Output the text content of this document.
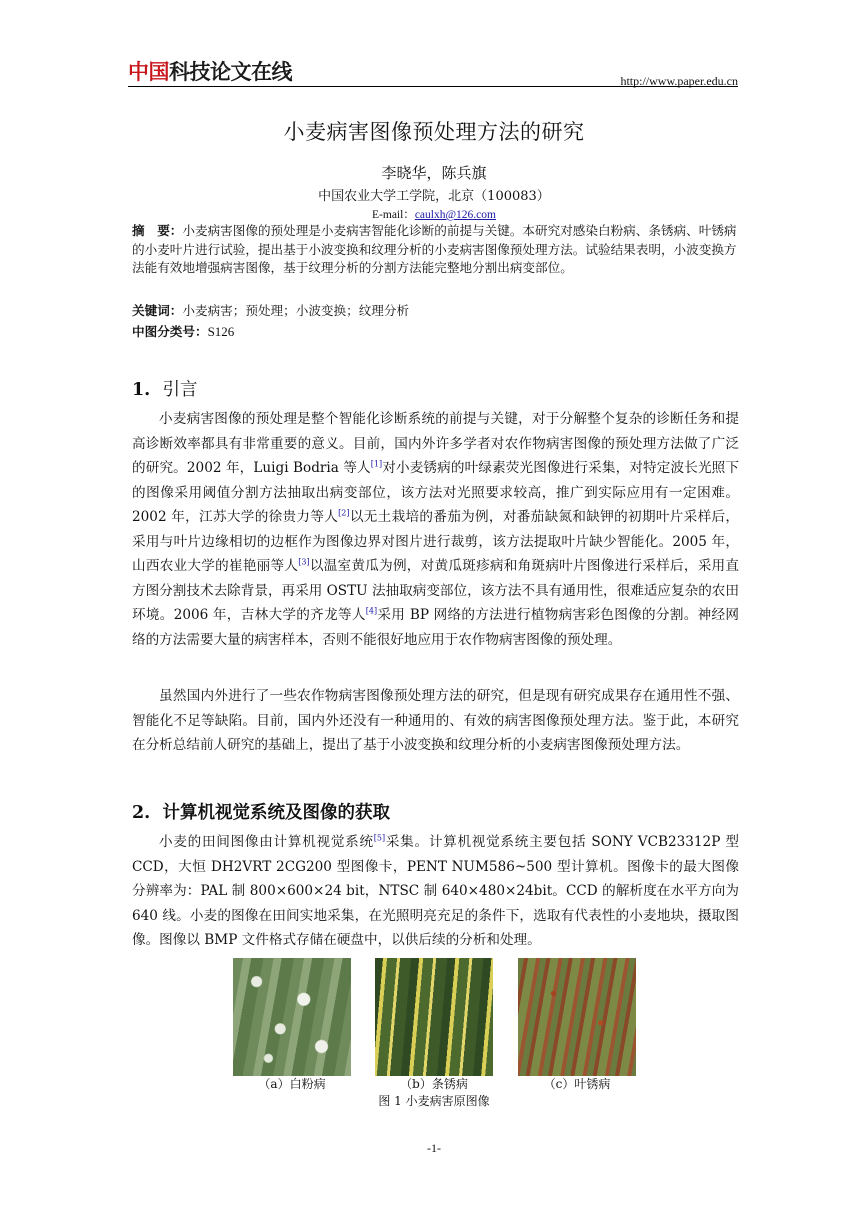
中国科技论文在线	http://www.paper.edu.cn
小麦病害图像预处理方法的研究
李晓华，陈兵旗
中国农业大学工学院，北京（100083）
E-mail：caulxh@126.com
摘　要：小麦病害图像的预处理是小麦病害智能化诊断的前提与关键。本研究对感染白粉病、条锈病、叶锈病的小麦叶片进行试验，提出基于小波变换和纹理分析的小麦病害图像预处理方法。试验结果表明，小波变换方法能有效地增强病害图像，基于纹理分析的分割方法能完整地分割出病变部位。
关键词：小麦病害；预处理；小波变换；纹理分析
中图分类号：S126
1. 引言
小麦病害图像的预处理是整个智能化诊断系统的前提与关键，对于分解整个复杂的诊断任务和提高诊断效率都具有非常重要的意义。目前，国内外许多学者对农作物病害图像的预处理方法做了广泛的研究。2002 年，Luigi Bodria 等人[1]对小麦锈病的叶绿素荧光图像进行采集，对特定波长光照下的图像采用阈值分割方法抽取出病变部位，该方法对光照要求较高，推广到实际应用有一定困难。2002 年，江苏大学的徐贵力等人[2]以无土栽培的番茄为例，对番茄缺氮和缺钾的初期叶片采样后，采用与叶片边缘相切的边框作为图像边界对图片进行裁剪，该方法提取叶片缺少智能化。2005 年，山西农业大学的崔艳丽等人[3]以温室黄瓜为例，对黄瓜斑疹病和角斑病叶片图像进行采样后，采用直方图分割技术去除背景，再采用 OSTU 法抽取病变部位，该方法不具有通用性，很难适应复杂的农田环境。2006 年，吉林大学的齐龙等人[4]采用 BP 网络的方法进行植物病害彩色图像的分割。神经网络的方法需要大量的病害样本，否则不能很好地应用于农作物病害图像的预处理。
虽然国内外进行了一些农作物病害图像预处理方法的研究，但是现有研究成果存在通用性不强、智能化不足等缺陷。目前，国内外还没有一种通用的、有效的病害图像预处理方法。鉴于此，本研究在分析总结前人研究的基础上，提出了基于小波变换和纹理分析的小麦病害图像预处理方法。
2. 计算机视觉系统及图像的获取
小麦的田间图像由计算机视觉系统[5]采集。计算机视觉系统主要包括 SONY VCB23312P 型 CCD，大恒 DH2VRT 2CG200 型图像卡，PENT NUM586~500 型计算机。图像卡的最大图像分辨率为：PAL 制 800×600×24 bit，NTSC 制 640×480×24bit。CCD 的解析度在水平方向为 640 线。小麦的图像在田间实地采集，在光照明亮充足的条件下，选取有代表性的小麦地块，摄取图像。图像以 BMP 文件格式存储在硬盘中，以供后续的分析和处理。
（a）白粉病	（b）条锈病	（c）叶锈病
图 1 小麦病害原图像
-1-
